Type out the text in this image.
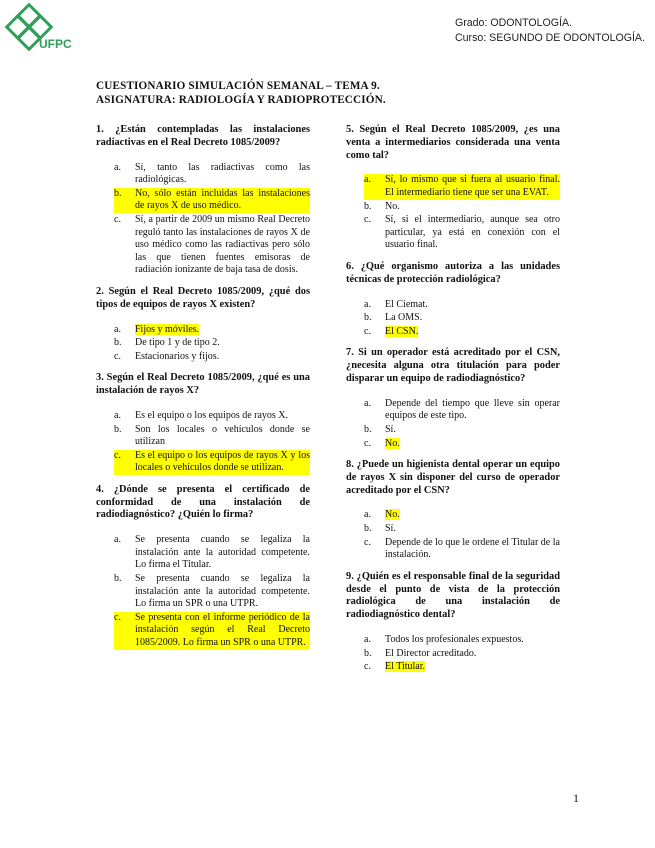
UFPC
Grado: ODONTOLOGÍA.
Curso: SEGUNDO DE ODONTOLOGÍA.
CUESTIONARIO SIMULACIÓN SEMANAL – TEMA 9.
ASIGNATURA: RADIOLOGÍA Y RADIOPROTECCIÓN.

1. ¿Están contempladas las instalaciones radiactivas en el Real Decreto 1085/2009?

a. Sí, tanto las radiactivas como las radiológicas.
b. No, sólo están incluidas las instalaciones de rayos X de uso médico.
c. Sí, a partir de 2009 un mismo Real Decreto reguló tanto las instalaciones de rayos X de uso médico como las radiactivas pero sólo las que tienen fuentes emisoras de radiación ionizante de baja tasa de dosis.

2. Según el Real Decreto 1085/2009, ¿qué dos tipos de equipos de rayos X existen?

a. Fijos y móviles.
b. De tipo 1 y de tipo 2.
c. Estacionarios y fijos.

3. Según el Real Decreto 1085/2009, ¿qué es una instalación de rayos X?

a. Es el equipo o los equipos de rayos X.
b. Son los locales o vehículos donde se utilizan
c. Es el equipo o los equipos de rayos X y los locales o vehículos donde se utilizan.

4. ¿Dónde se presenta el certificado de conformidad de una instalación de radiodiagnóstico? ¿Quién lo firma?

a. Se presenta cuando se legaliza la instalación ante la autoridad competente. Lo firma el Titular.
b. Se presenta cuando se legaliza la instalación ante la autoridad competente. Lo firma un SPR o una UTPR.
c. Se presenta con el informe periódico de la instalación según el Real Decreto 1085/2009. Lo firma un SPR o una UTPR.

5. Según el Real Decreto 1085/2009, ¿es una venta a intermediarios considerada una venta como tal?

a. Sí, lo mismo que si fuera al usuario final. El intermediario tiene que ser una EVAT.
b. No.
c. Sí, si el intermediario, aunque sea otro particular, ya está en conexión con el usuario final.

6. ¿Qué organismo autoriza a las unidades técnicas de protección radiológica?

a. El Ciemat.
b. La OMS.
c. El CSN.

7. Si un operador está acreditado por el CSN, ¿necesita alguna otra titulación para poder disparar un equipo de radiodiagnóstico?

a. Depende del tiempo que lleve sin operar equipos de este tipo.
b. Sí.
c. No.

8. ¿Puede un higienista dental operar un equipo de rayos X sin disponer del curso de operador acreditado por el CSN?

a. No.
b. Sí.
c. Depende de lo que le ordene el Titular de la instalación.

9. ¿Quién es el responsable final de la seguridad desde el punto de vista de la protección radiológica de una instalación de radiodiagnóstico dental?

a. Todos los profesionales expuestos.
b. El Director acreditado.
c. El Titular.
1
